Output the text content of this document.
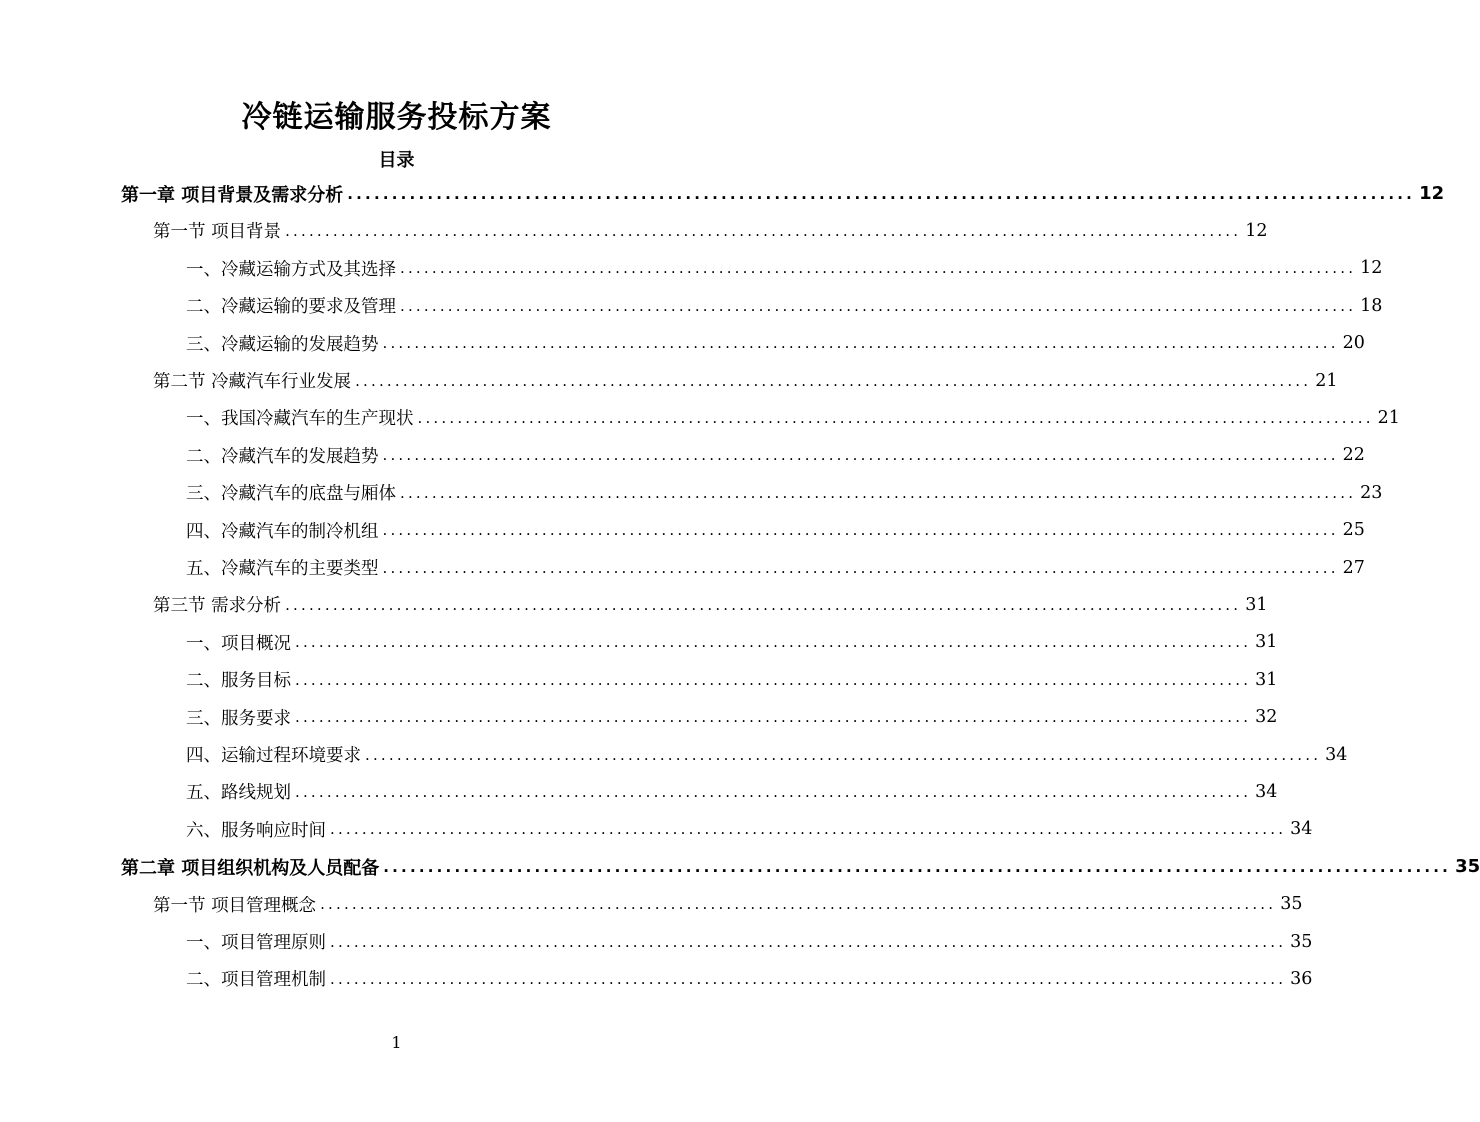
冷链运输服务投标方案
目录
第一章 项目背景及需求分析 ........................................................................................................................ 12
第一节 项目背景 ........................................................................................................................ 12
一、冷藏运输方式及其选择 ........................................................................................................................ 12
二、冷藏运输的要求及管理 ........................................................................................................................ 18
三、冷藏运输的发展趋势 ........................................................................................................................ 20
第二节 冷藏汽车行业发展 ........................................................................................................................ 21
一、我国冷藏汽车的生产现状 ........................................................................................................................ 21
二、冷藏汽车的发展趋势 ........................................................................................................................ 22
三、冷藏汽车的底盘与厢体 ........................................................................................................................ 23
四、冷藏汽车的制冷机组 ........................................................................................................................ 25
五、冷藏汽车的主要类型 ........................................................................................................................ 27
第三节 需求分析 ........................................................................................................................ 31
一、项目概况 ........................................................................................................................ 31
二、服务目标 ........................................................................................................................ 31
三、服务要求 ........................................................................................................................ 32
四、运输过程环境要求 ........................................................................................................................ 34
五、路线规划 ........................................................................................................................ 34
六、服务响应时间 ........................................................................................................................ 34
第二章 项目组织机构及人员配备 ........................................................................................................................ 35
第一节 项目管理概念 ........................................................................................................................ 35
一、项目管理原则 ........................................................................................................................ 35
二、项目管理机制 ........................................................................................................................ 36
1
